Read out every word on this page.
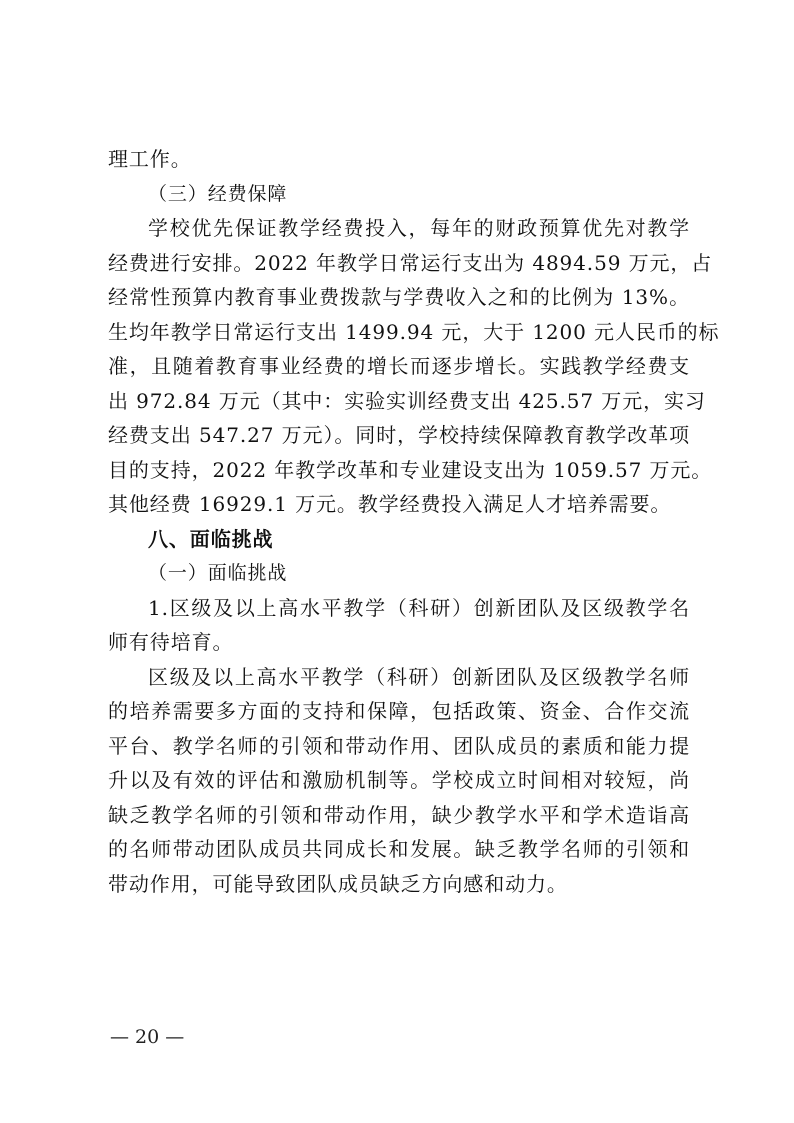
理工作。
（三）经费保障
学校优先保证教学经费投入，每年的财政预算优先对教学
经费进行安排。2022 年教学日常运行支出为 4894.59 万元，占
经常性预算内教育事业费拨款与学费收入之和的比例为 13%。
生均年教学日常运行支出 1499.94 元，大于 1200 元人民币的标
准，且随着教育事业经费的增长而逐步增长。实践教学经费支
出 972.84 万元（其中：实验实训经费支出 425.57 万元，实习
经费支出 547.27 万元）。同时，学校持续保障教育教学改革项
目的支持，2022 年教学改革和专业建设支出为 1059.57 万元。
其他经费 16929.1 万元。教学经费投入满足人才培养需要。
八、面临挑战
（一）面临挑战
1.区级及以上高水平教学（科研）创新团队及区级教学名
师有待培育。
区级及以上高水平教学（科研）创新团队及区级教学名师
的培养需要多方面的支持和保障，包括政策、资金、合作交流
平台、教学名师的引领和带动作用、团队成员的素质和能力提
升以及有效的评估和激励机制等。学校成立时间相对较短，尚
缺乏教学名师的引领和带动作用，缺少教学水平和学术造诣高
的名师带动团队成员共同成长和发展。缺乏教学名师的引领和
带动作用，可能导致团队成员缺乏方向感和动力。
— 20 —
